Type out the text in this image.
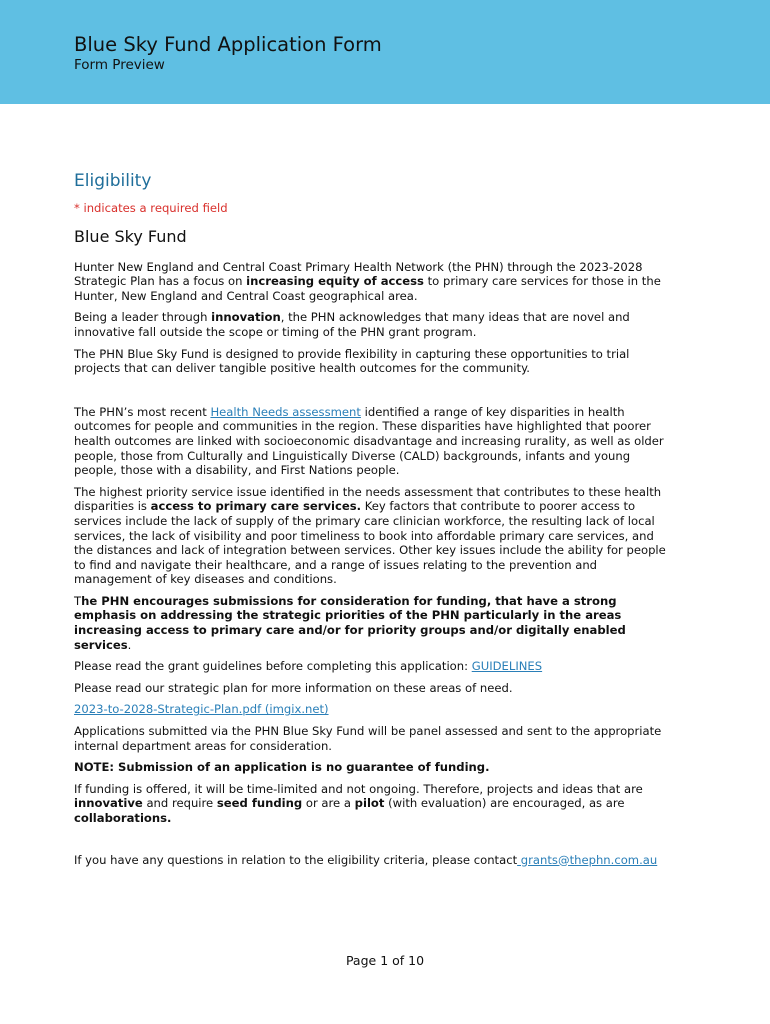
Blue Sky Fund Application Form
Form Preview
Eligibility
* indicates a required field
Blue Sky Fund

Hunter New England and Central Coast Primary Health Network (the PHN) through the 2023-2028 Strategic Plan has a focus on increasing equity of access to primary care services for those in the Hunter, New England and Central Coast geographical area.

Being a leader through innovation, the PHN acknowledges that many ideas that are novel and innovative fall outside the scope or timing of the PHN grant program.

The PHN Blue Sky Fund is designed to provide flexibility in capturing these opportunities to trial projects that can deliver tangible positive health outcomes for the community.

The PHN’s most recent Health Needs assessment identified a range of key disparities in health outcomes for people and communities in the region. These disparities have highlighted that poorer health outcomes are linked with socioeconomic disadvantage and increasing rurality, as well as older people, those from Culturally and Linguistically Diverse (CALD) backgrounds, infants and young people, those with a disability, and First Nations people.

The highest priority service issue identified in the needs assessment that contributes to these health disparities is access to primary care services. Key factors that contribute to poorer access to services include the lack of supply of the primary care clinician workforce, the resulting lack of local services, the lack of visibility and poor timeliness to book into affordable primary care services, and the distances and lack of integration between services. Other key issues include the ability for people to find and navigate their healthcare, and a range of issues relating to the prevention and management of key diseases and conditions.

The PHN encourages submissions for consideration for funding, that have a strong emphasis on addressing the strategic priorities of the PHN particularly in the areas increasing access to primary care and/or for priority groups and/or digitally enabled services.

Please read the grant guidelines before completing this application: GUIDELINES

Please read our strategic plan for more information on these areas of need.

2023-to-2028-Strategic-Plan.pdf (imgix.net)

Applications submitted via the PHN Blue Sky Fund will be panel assessed and sent to the appropriate internal department areas for consideration.

NOTE: Submission of an application is no guarantee of funding.

If funding is offered, it will be time-limited and not ongoing. Therefore, projects and ideas that are innovative and require seed funding or are a pilot (with evaluation) are encouraged, as are collaborations.

If you have any questions in relation to the eligibility criteria, please contact grants@thephn.com.au

Page 1 of 10
